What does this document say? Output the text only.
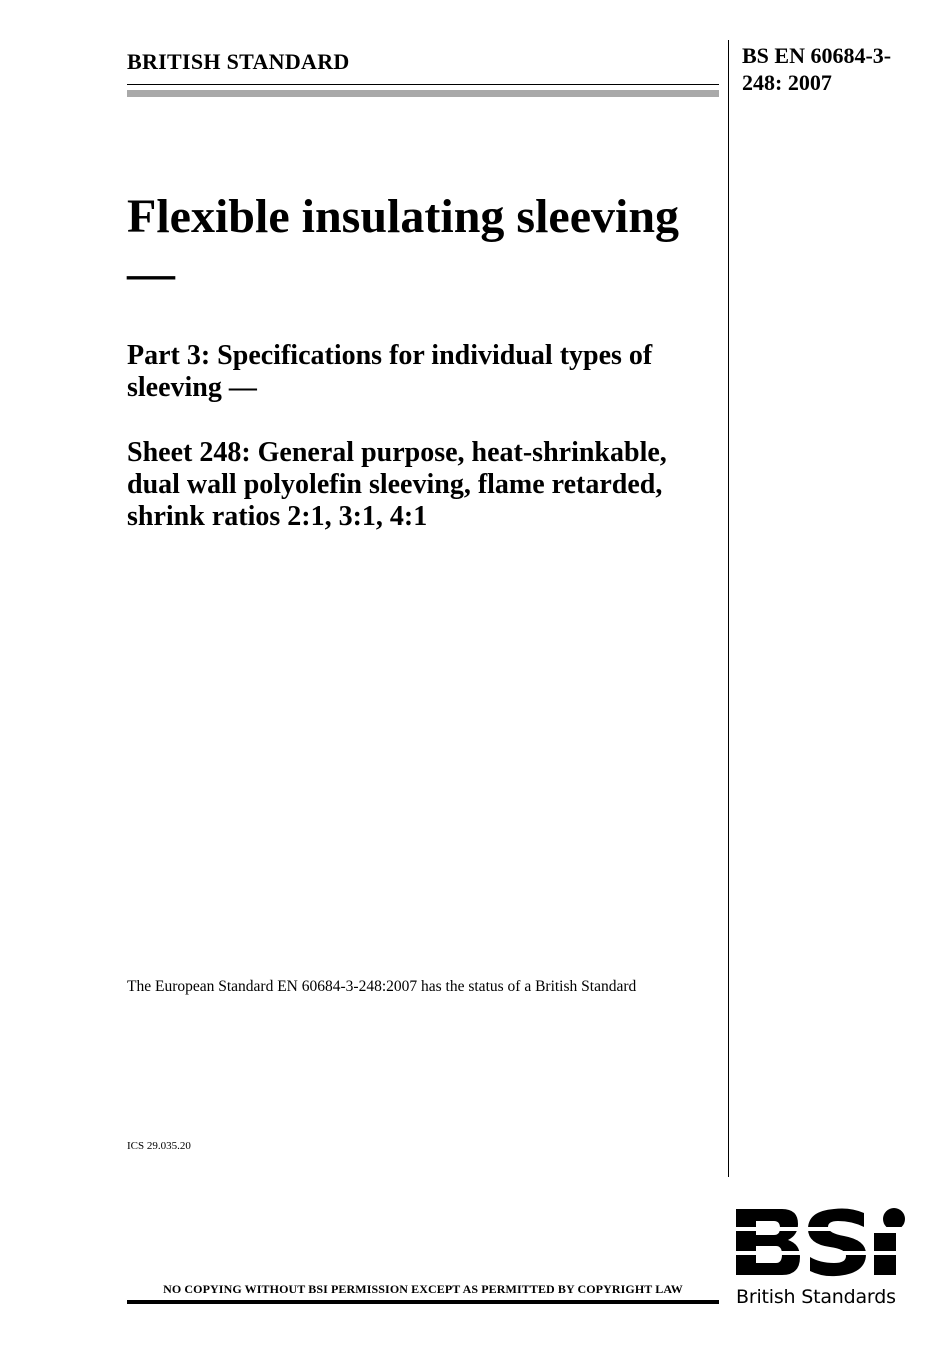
BRITISH STANDARD	BS EN 60684-3-248: 2007
Flexible insulating sleeving —
Part 3: Specifications for individual types of sleeving —
Sheet 248: General purpose, heat-shrinkable, dual wall polyolefin sleeving, flame retarded, shrink ratios 2:1, 3:1, 4:1
The European Standard EN 60684-3-248:2007 has the status of a British Standard
ICS 29.035.20
NO COPYING WITHOUT BSI PERMISSION EXCEPT AS PERMITTED BY COPYRIGHT LAW	British Standards
